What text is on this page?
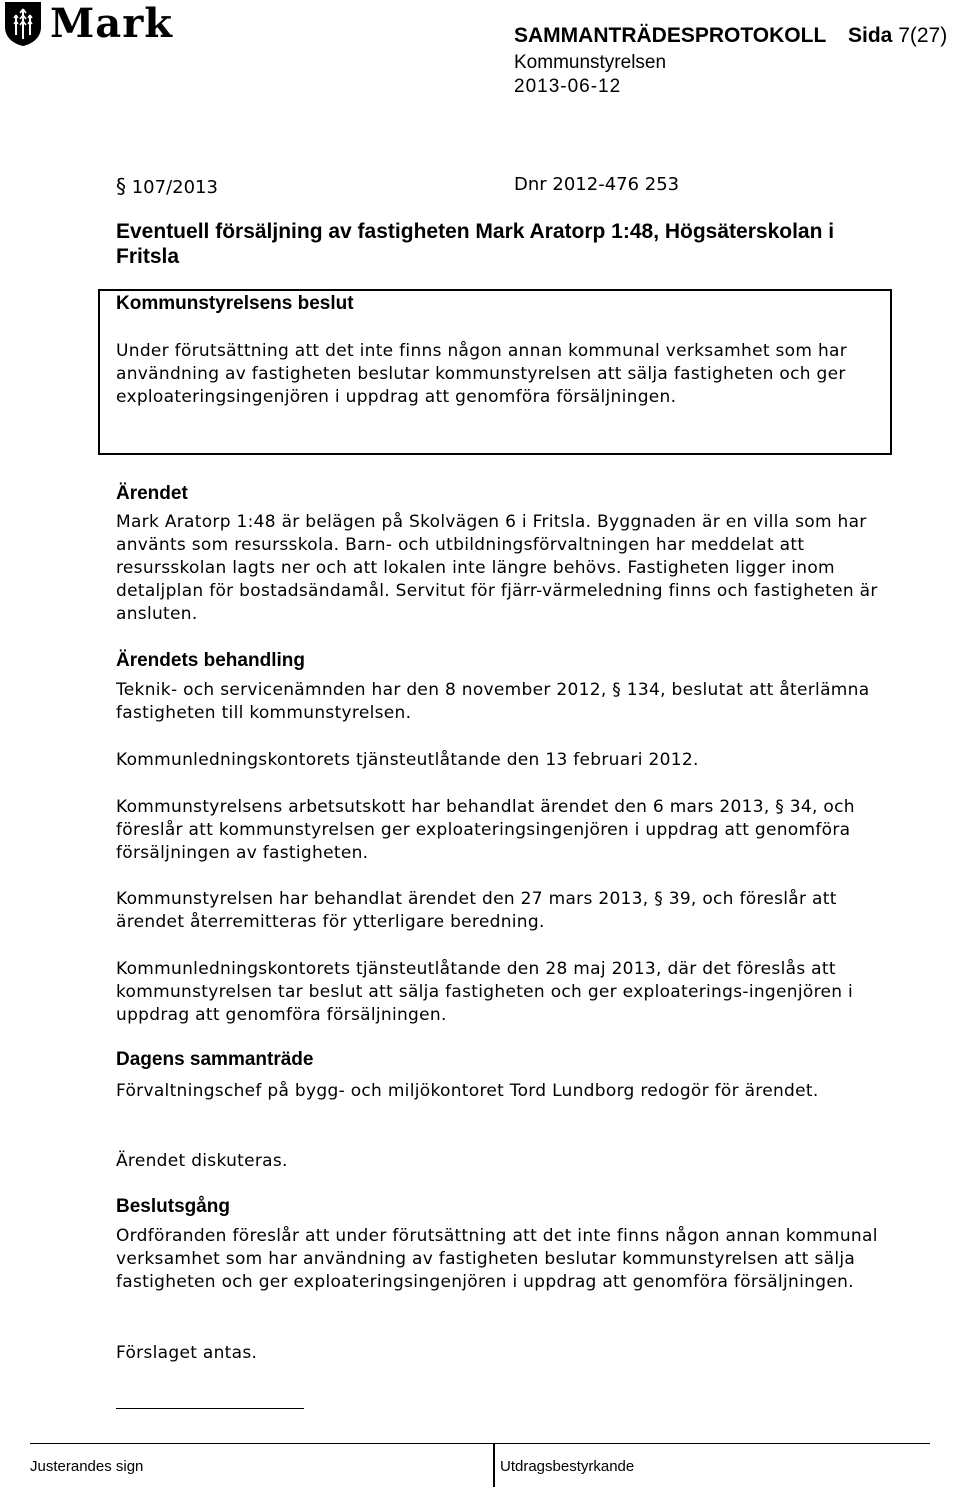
Mark	SAMMANTRÄDESPROTOKOLL Sida 7(27)
Kommunstyrelsen
2013-06-12
§ 107/2013	Dnr 2012-476 253
Eventuell försäljning av fastigheten Mark Aratorp 1:48, Högsäterskolan i Fritsla
Kommunstyrelsens beslut
Under förutsättning att det inte finns någon annan kommunal verksamhet som har användning av fastigheten beslutar kommunstyrelsen att sälja fastigheten och ger exploateringsingenjören i uppdrag att genomföra försäljningen.
Ärendet
Mark Aratorp 1:48 är belägen på Skolvägen 6 i Fritsla. Byggnaden är en villa som har använts som resursskola. Barn- och utbildningsförvaltningen har meddelat att resursskolan lagts ner och att lokalen inte längre behövs. Fastigheten ligger inom detaljplan för bostadsändamål. Servitut för fjärr-värmeledning finns och fastigheten är ansluten.
Ärendets behandling
Teknik- och servicenämnden har den 8 november 2012, § 134, beslutat att återlämna fastigheten till kommunstyrelsen.
Kommunledningskontorets tjänsteutlåtande den 13 februari 2012.
Kommunstyrelsens arbetsutskott har behandlat ärendet den 6 mars 2013, § 34, och föreslår att kommunstyrelsen ger exploateringsingenjören i uppdrag att genomföra försäljningen av fastigheten.
Kommunstyrelsen har behandlat ärendet den 27 mars 2013, § 39, och föreslår att ärendet återremitteras för ytterligare beredning.
Kommunledningskontorets tjänsteutlåtande den 28 maj 2013, där det föreslås att kommunstyrelsen tar beslut att sälja fastigheten och ger exploaterings-ingenjören i uppdrag att genomföra försäljningen.
Dagens sammanträde
Förvaltningschef på bygg- och miljökontoret Tord Lundborg redogör för ärendet.
Ärendet diskuteras.
Beslutsgång
Ordföranden föreslår att under förutsättning att det inte finns någon annan kommunal verksamhet som har användning av fastigheten beslutar kommunstyrelsen att sälja fastigheten och ger exploateringsingenjören i uppdrag att genomföra försäljningen.
Förslaget antas.
Justerandes sign	Utdragsbestyrkande
